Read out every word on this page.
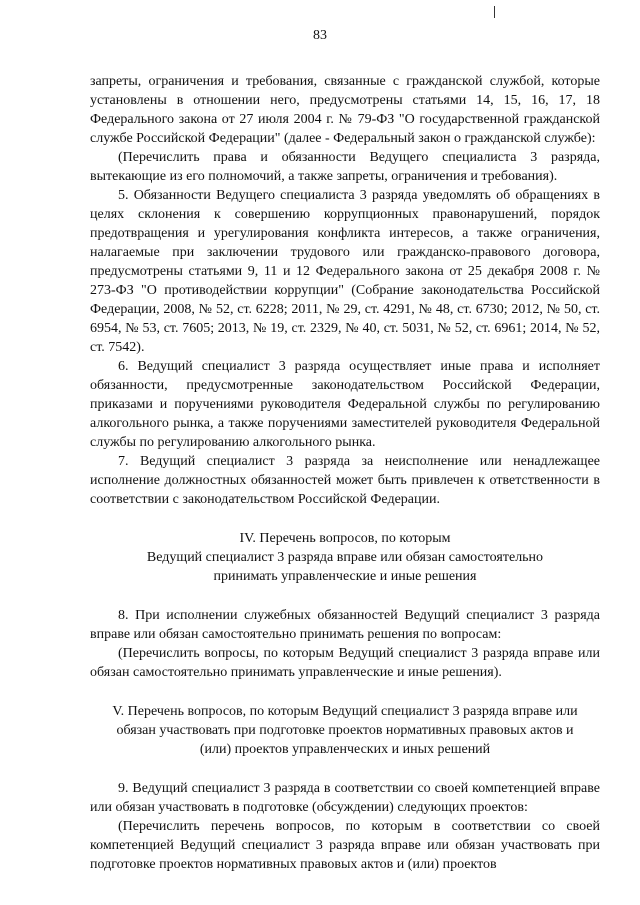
83

запреты, ограничения и требования, связанные с гражданской службой, которые установлены в отношении него, предусмотрены статьями 14, 15, 16, 17, 18 Федерального закона от 27 июля 2004 г. № 79-ФЗ "О государственной гражданской службе Российской Федерации" (далее - Федеральный закон о гражданской службе):

(Перечислить права и обязанности Ведущего специалиста 3 разряда, вытекающие из его полномочий, а также запреты, ограничения и требования).

5. Обязанности Ведущего специалиста 3 разряда уведомлять об обращениях в целях склонения к совершению коррупционных правонарушений, порядок предотвращения и урегулирования конфликта интересов, а также ограничения, налагаемые при заключении трудового или гражданско-правового договора, предусмотрены статьями 9, 11 и 12 Федерального закона от 25 декабря 2008 г. № 273-ФЗ "О противодействии коррупции" (Собрание законодательства Российской Федерации, 2008, № 52, ст. 6228; 2011, № 29, ст. 4291, № 48, ст. 6730; 2012, № 50, ст. 6954, № 53, ст. 7605; 2013, № 19, ст. 2329, № 40, ст. 5031, № 52, ст. 6961; 2014, № 52, ст. 7542).

6. Ведущий специалист 3 разряда осуществляет иные права и исполняет обязанности, предусмотренные законодательством Российской Федерации, приказами и поручениями руководителя Федеральной службы по регулированию алкогольного рынка, а также поручениями заместителей руководителя Федеральной службы по регулированию алкогольного рынка.

7. Ведущий специалист 3 разряда за неисполнение или ненадлежащее исполнение должностных обязанностей может быть привлечен к ответственности в соответствии с законодательством Российской Федерации.

IV. Перечень вопросов, по которым

Ведущий специалист 3 разряда вправе или обязан самостоятельно

принимать управленческие и иные решения

8. При исполнении служебных обязанностей Ведущий специалист 3 разряда вправе или обязан самостоятельно принимать решения по вопросам:

(Перечислить вопросы, по которым Ведущий специалист 3 разряда вправе или обязан самостоятельно принимать управленческие и иные решения).

V. Перечень вопросов, по которым Ведущий специалист 3 разряда вправе или

обязан участвовать при подготовке проектов нормативных правовых актов и

(или) проектов управленческих и иных решений

9. Ведущий специалист 3 разряда в соответствии со своей компетенцией вправе или обязан участвовать в подготовке (обсуждении) следующих проектов:

(Перечислить перечень вопросов, по которым в соответствии со своей компетенцией Ведущий специалист 3 разряда вправе или обязан участвовать при подготовке проектов нормативных правовых актов и (или) проектов
